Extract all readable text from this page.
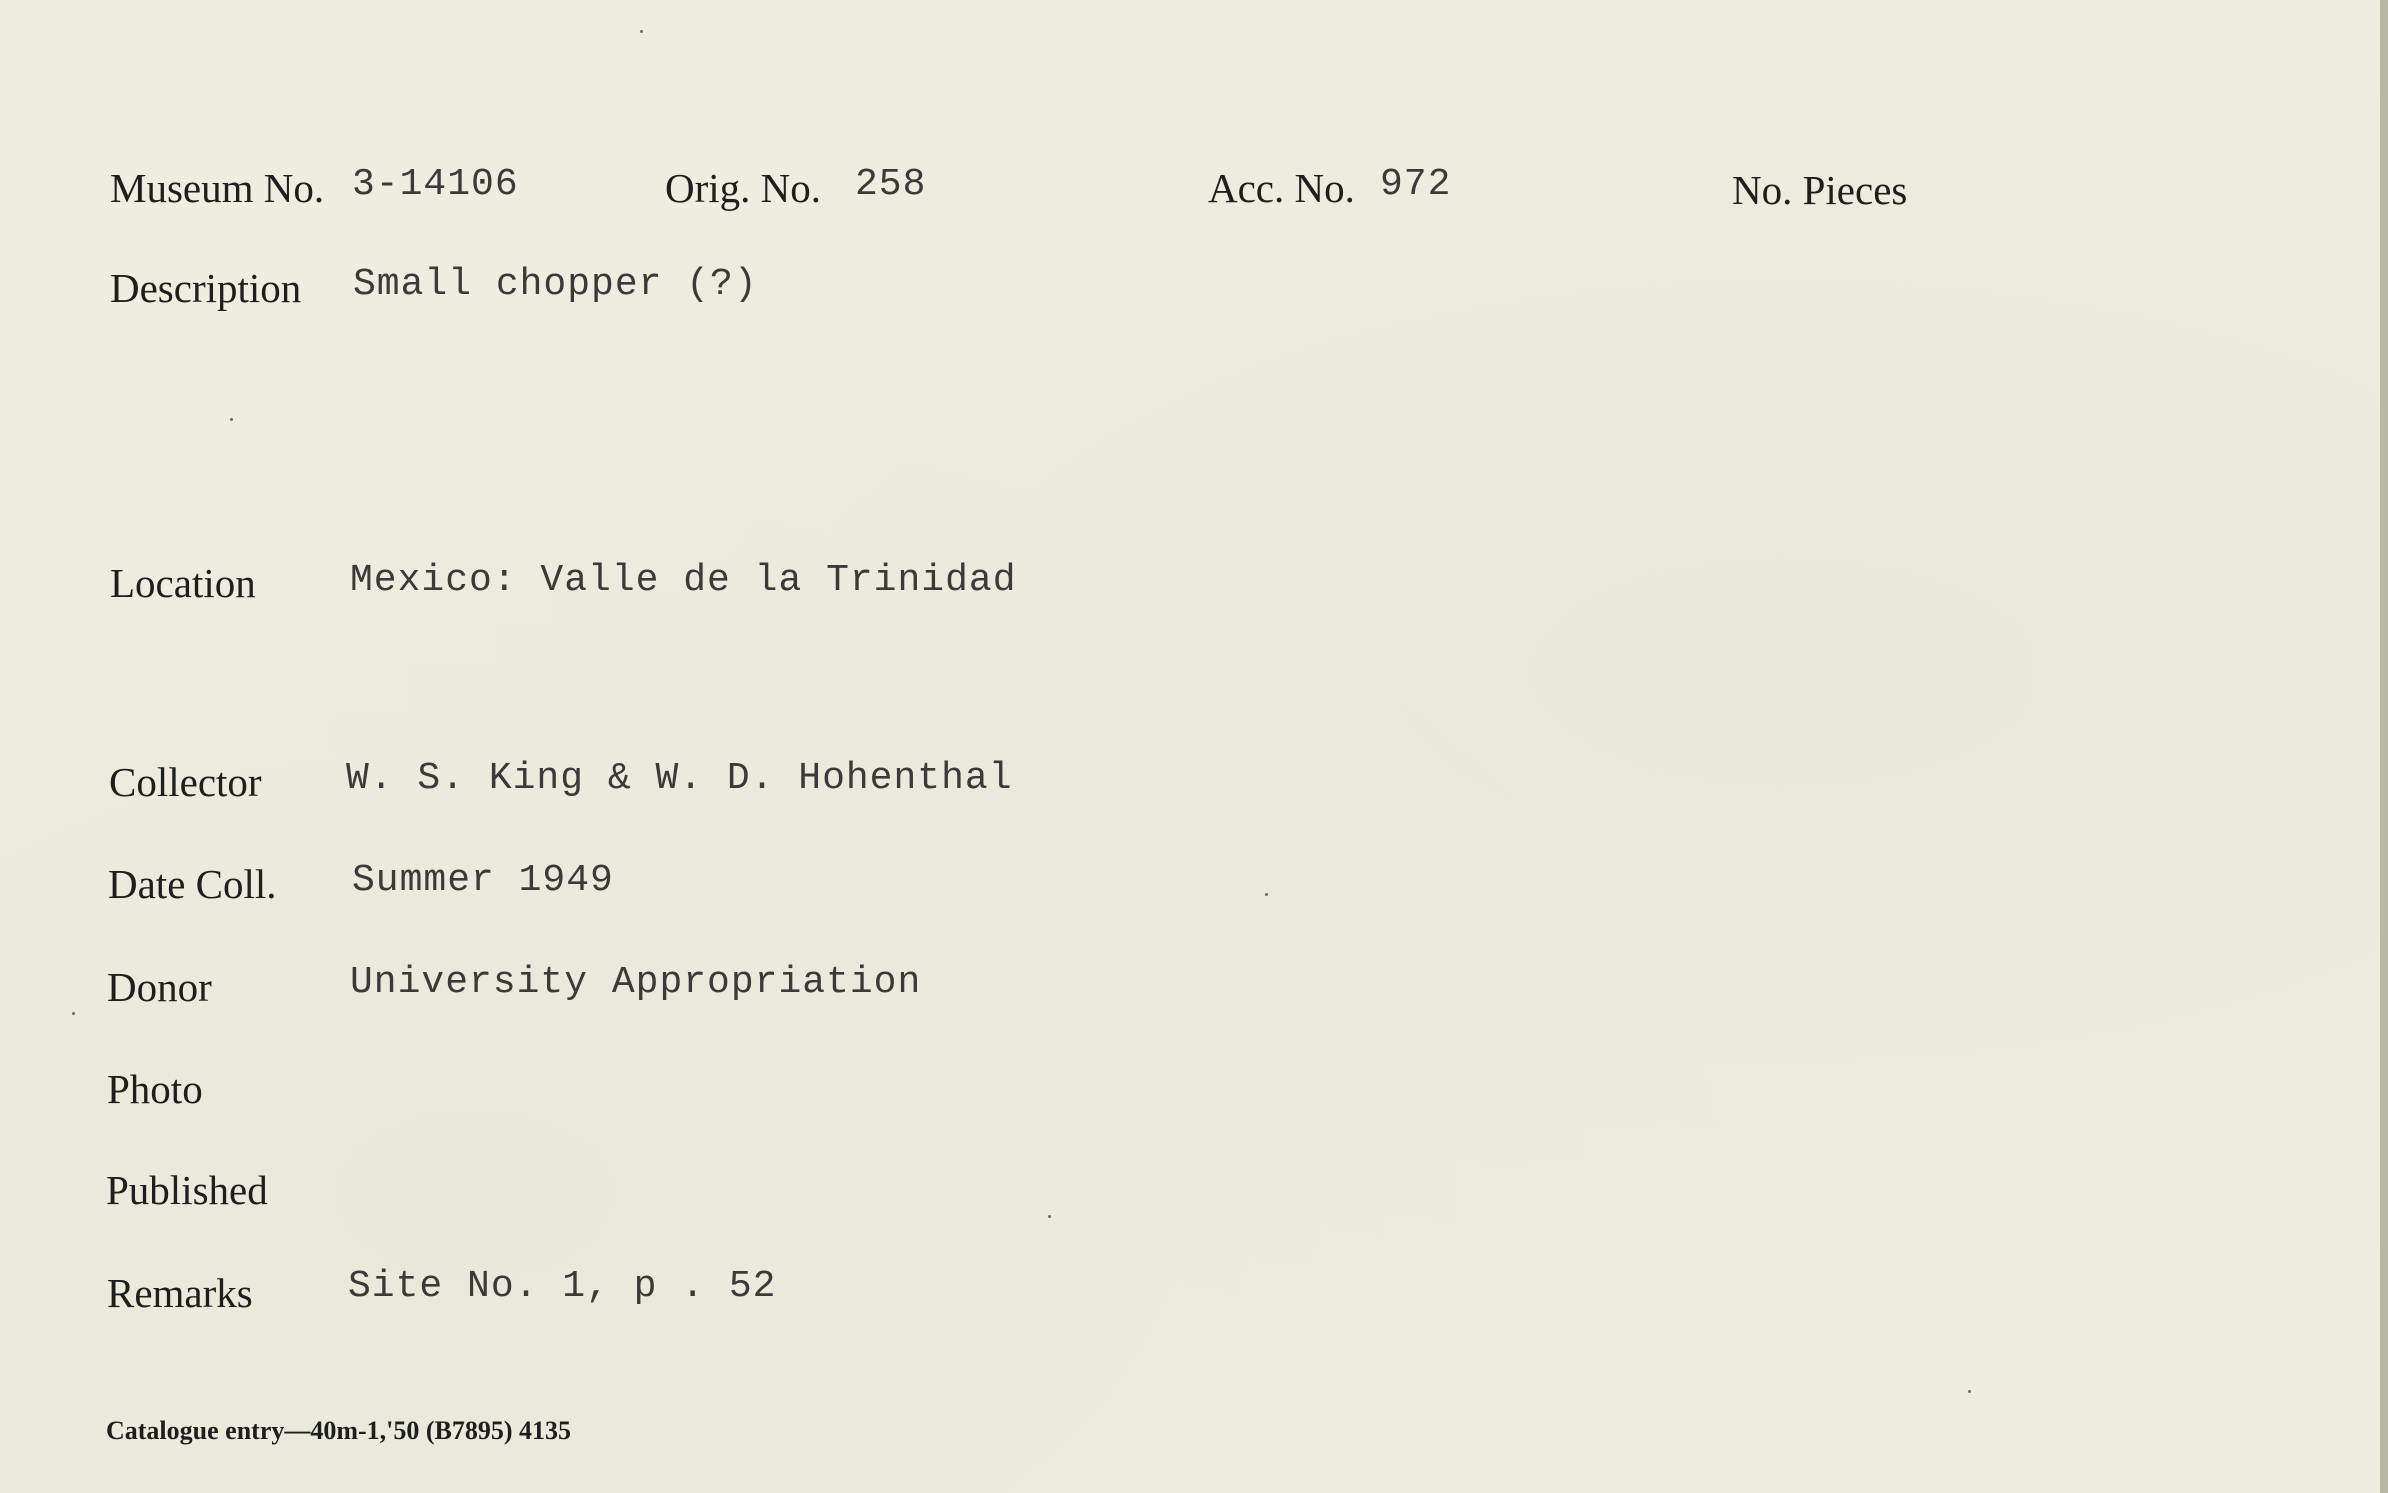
Museum No. 3-14106	Orig. No. 258	Acc. No. 972	No. Pieces
Description Small chopper (?)
Location Mexico: Valle de la Trinidad
Collector W. S. King & W. D. Hohenthal
Date Coll. Summer 1949
Donor	University Appropriation
Photo
Published
Remarks	Site No. 1, p . 52
Catalogue entry—40m-1,'50 (B7895) 4135
